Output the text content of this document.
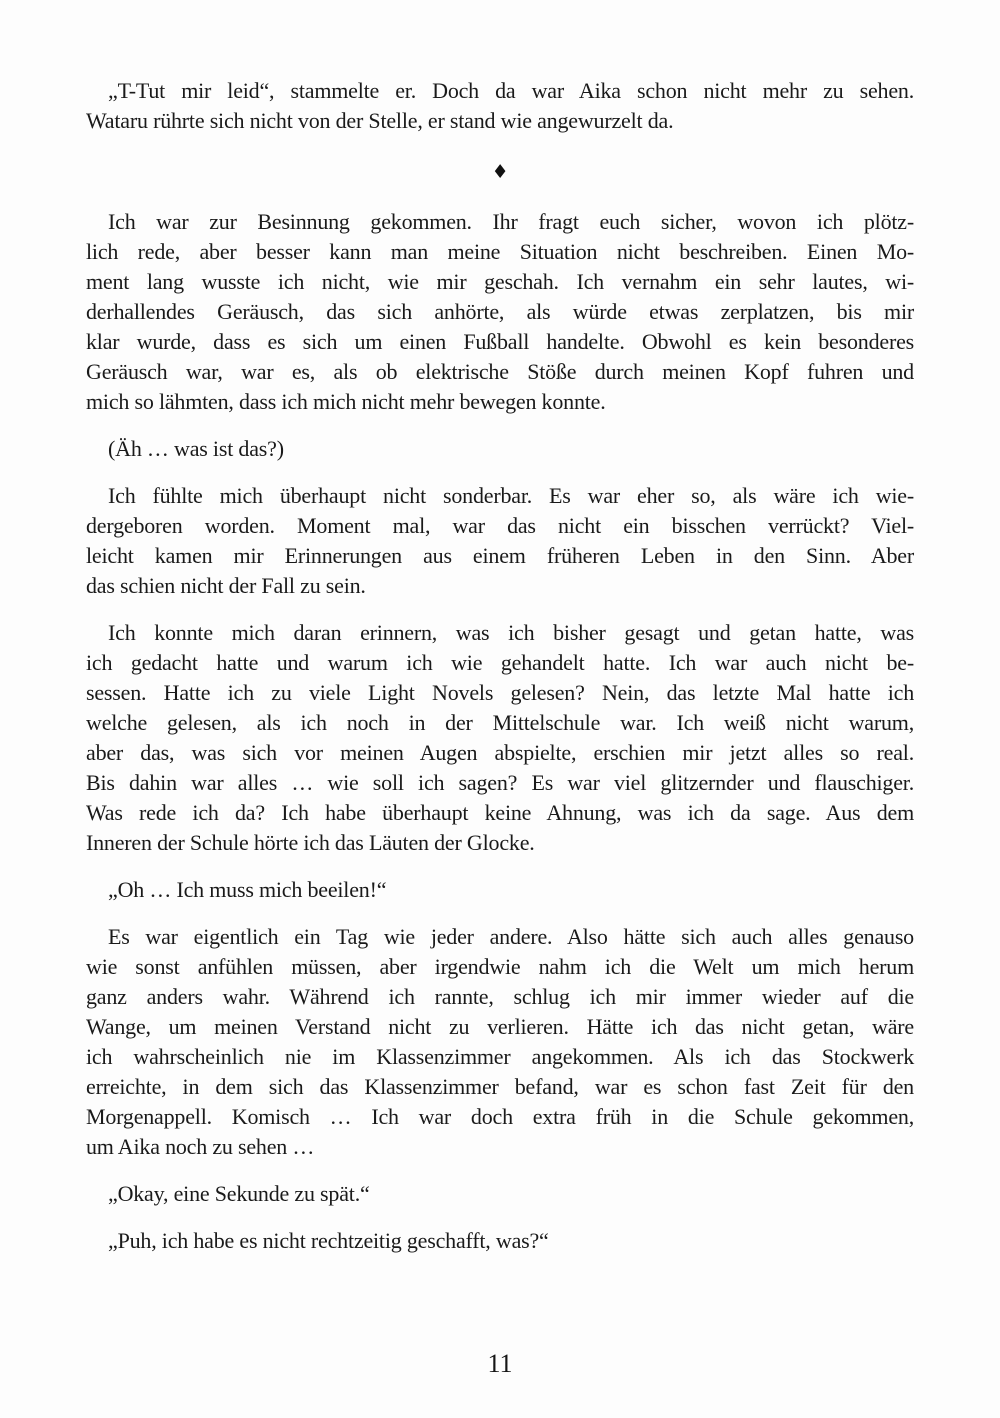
„T-Tut mir leid“, stammelte er. Doch da war Aika schon nicht mehr zu sehen.
Wataru rührte sich nicht von der Stelle, er stand wie angewurzelt da.

♦

Ich war zur Besinnung gekommen. Ihr fragt euch sicher, wovon ich plötz-
lich rede, aber besser kann man meine Situation nicht beschreiben. Einen Mo-
ment lang wusste ich nicht, wie mir geschah. Ich vernahm ein sehr lautes, wi-
derhallendes Geräusch, das sich anhörte, als würde etwas zerplatzen, bis mir
klar wurde, dass es sich um einen Fußball handelte. Obwohl es kein besonderes
Geräusch war, war es, als ob elektrische Stöße durch meinen Kopf fuhren und
mich so lähmten, dass ich mich nicht mehr bewegen konnte.

(Äh … was ist das?)

Ich fühlte mich überhaupt nicht sonderbar. Es war eher so, als wäre ich wie-
dergeboren worden. Moment mal, war das nicht ein bisschen verrückt? Viel-
leicht kamen mir Erinnerungen aus einem früheren Leben in den Sinn. Aber
das schien nicht der Fall zu sein.

Ich konnte mich daran erinnern, was ich bisher gesagt und getan hatte, was
ich gedacht hatte und warum ich wie gehandelt hatte. Ich war auch nicht be-
sessen. Hatte ich zu viele Light Novels gelesen? Nein, das letzte Mal hatte ich
welche gelesen, als ich noch in der Mittelschule war. Ich weiß nicht warum,
aber das, was sich vor meinen Augen abspielte, erschien mir jetzt alles so real.
Bis dahin war alles … wie soll ich sagen? Es war viel glitzernder und flauschiger.
Was rede ich da? Ich habe überhaupt keine Ahnung, was ich da sage. Aus dem
Inneren der Schule hörte ich das Läuten der Glocke.

„Oh … Ich muss mich beeilen!“

Es war eigentlich ein Tag wie jeder andere. Also hätte sich auch alles genauso
wie sonst anfühlen müssen, aber irgendwie nahm ich die Welt um mich herum
ganz anders wahr. Während ich rannte, schlug ich mir immer wieder auf die
Wange, um meinen Verstand nicht zu verlieren. Hätte ich das nicht getan, wäre
ich wahrscheinlich nie im Klassenzimmer angekommen. Als ich das Stockwerk
erreichte, in dem sich das Klassenzimmer befand, war es schon fast Zeit für den
Morgenappell. Komisch … Ich war doch extra früh in die Schule gekommen,
um Aika noch zu sehen …

„Okay, eine Sekunde zu spät.“

„Puh, ich habe es nicht rechtzeitig geschafft, was?“

11
